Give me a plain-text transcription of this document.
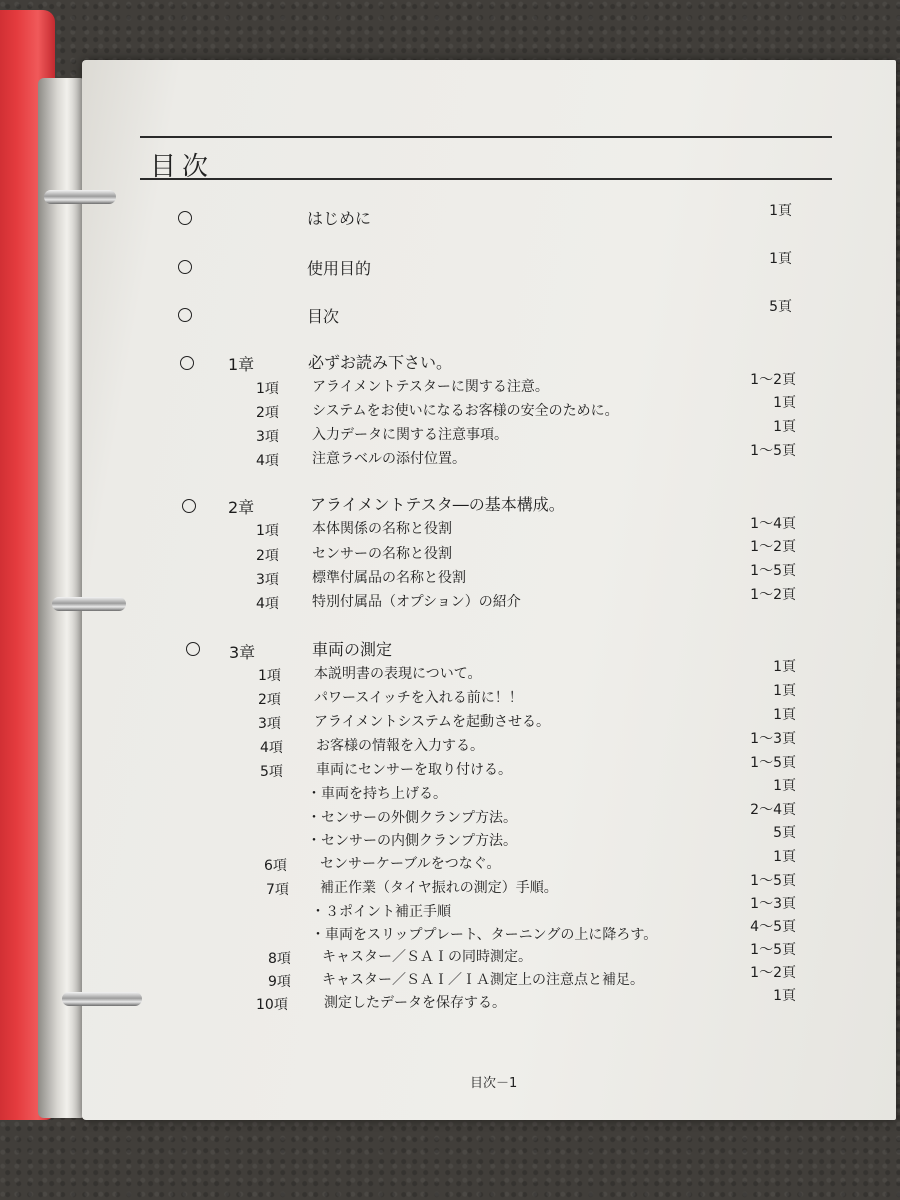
目次
はじめに	1頁
使用目的	1頁
目次	5頁
1章	必ずお読み下さい。
1項 アライメントテスターに関する注意。	1～2頁
2項 システムをお使いになるお客様の安全のために。	1頁
3項 入力データに関する注意事項。	1頁
4項 注意ラベルの添付位置。	1～5頁
2章	アライメントテスタ―の基本構成。
1項 本体関係の名称と役割	1～4頁
2項 センサーの名称と役割	1～2頁
3項 標準付属品の名称と役割	1～5頁
4項 特別付属品（オプション）の紹介	1～2頁
3章	車両の測定
1項 本説明書の表現について。	1頁
2項 パワースイッチを入れる前に！！	1頁
3項 アライメントシステムを起動させる。	1頁
4項 お客様の情報を入力する。	1～3頁
5項 車両にセンサーを取り付ける。	1～5頁
・車両を持ち上げる。	1頁
・センサーの外側クランプ方法。	2～4頁
・センサーの内側クランプ方法。	5頁
6項 センサーケーブルをつなぐ。	1頁
7項 補正作業（タイヤ振れの測定）手順。	1～5頁
・３ポイント補正手順	1～3頁
・車両をスリッププレート、ターニングの上に降ろす。	4～5頁
8項 キャスター／ＳＡＩの同時測定。	1～5頁
9項 キャスター／ＳＡＩ／ＩＡ測定上の注意点と補足。	1～2頁
10項	測定したデータを保存する。	1頁
目次－1
